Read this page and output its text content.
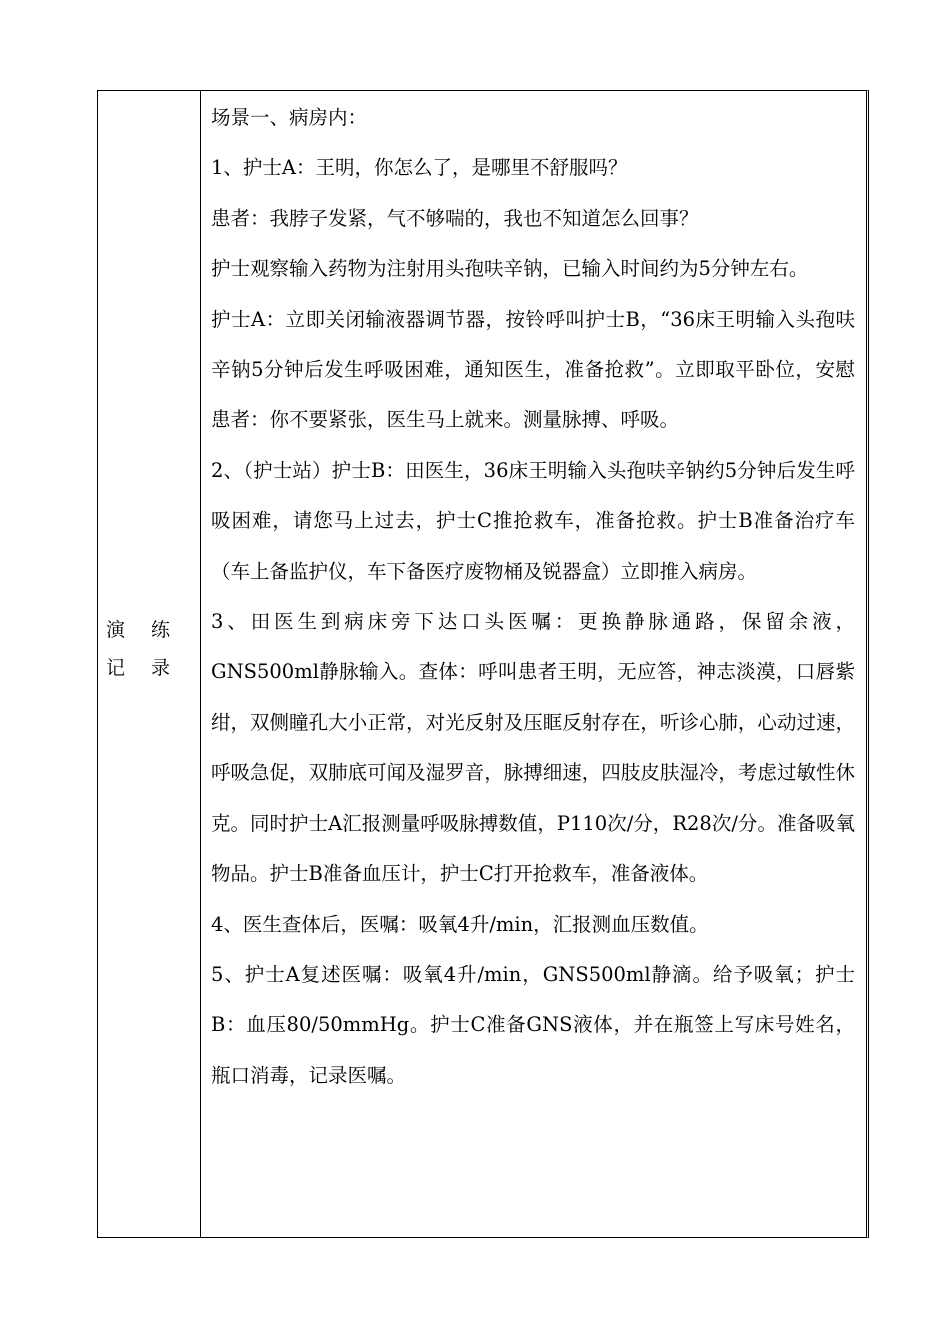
演 练 记 录

场景一、病房内：

1、护士A：王明，你怎么了，是哪里不舒服吗？

患者：我脖子发紧，气不够喘的，我也不知道怎么回事？

护士观察输入药物为注射用头孢呋辛钠，已输入时间约为5分钟左右。

护士A：立即关闭输液器调节器，按铃呼叫护士B，“36床王明输入头孢呋辛钠5分钟后发生呼吸困难，通知医生，准备抢救”。立即取平卧位，安慰患者：你不要紧张，医生马上就来。测量脉搏、呼吸。

2、（护士站）护士B：田医生，36床王明输入头孢呋辛钠约5分钟后发生呼吸困难，请您马上过去，护士C推抢救车，准备抢救。护士B准备治疗车（车上备监护仪，车下备医疗废物桶及锐器盒）立即推入病房。

3、田医生到病床旁下达口头医嘱：更换静脉通路，保留余液，GNS500ml静脉输入。查体：呼叫患者王明，无应答，神志淡漠，口唇紫绀，双侧瞳孔大小正常，对光反射及压眶反射存在，听诊心肺，心动过速，呼吸急促，双肺底可闻及湿罗音，脉搏细速，四肢皮肤湿冷，考虑过敏性休克。同时护士A汇报测量呼吸脉搏数值，P110次/分，R28次/分。准备吸氧物品。护士B准备血压计，护士C打开抢救车，准备液体。

4、医生查体后，医嘱：吸氧4升/min，汇报测血压数值。

5、护士A复述医嘱：吸氧4升/min，GNS500ml静滴。给予吸氧；护士B：血压80/50mmHg。护士C准备GNS液体，并在瓶签上写床号姓名，瓶口消毒，记录医嘱。
